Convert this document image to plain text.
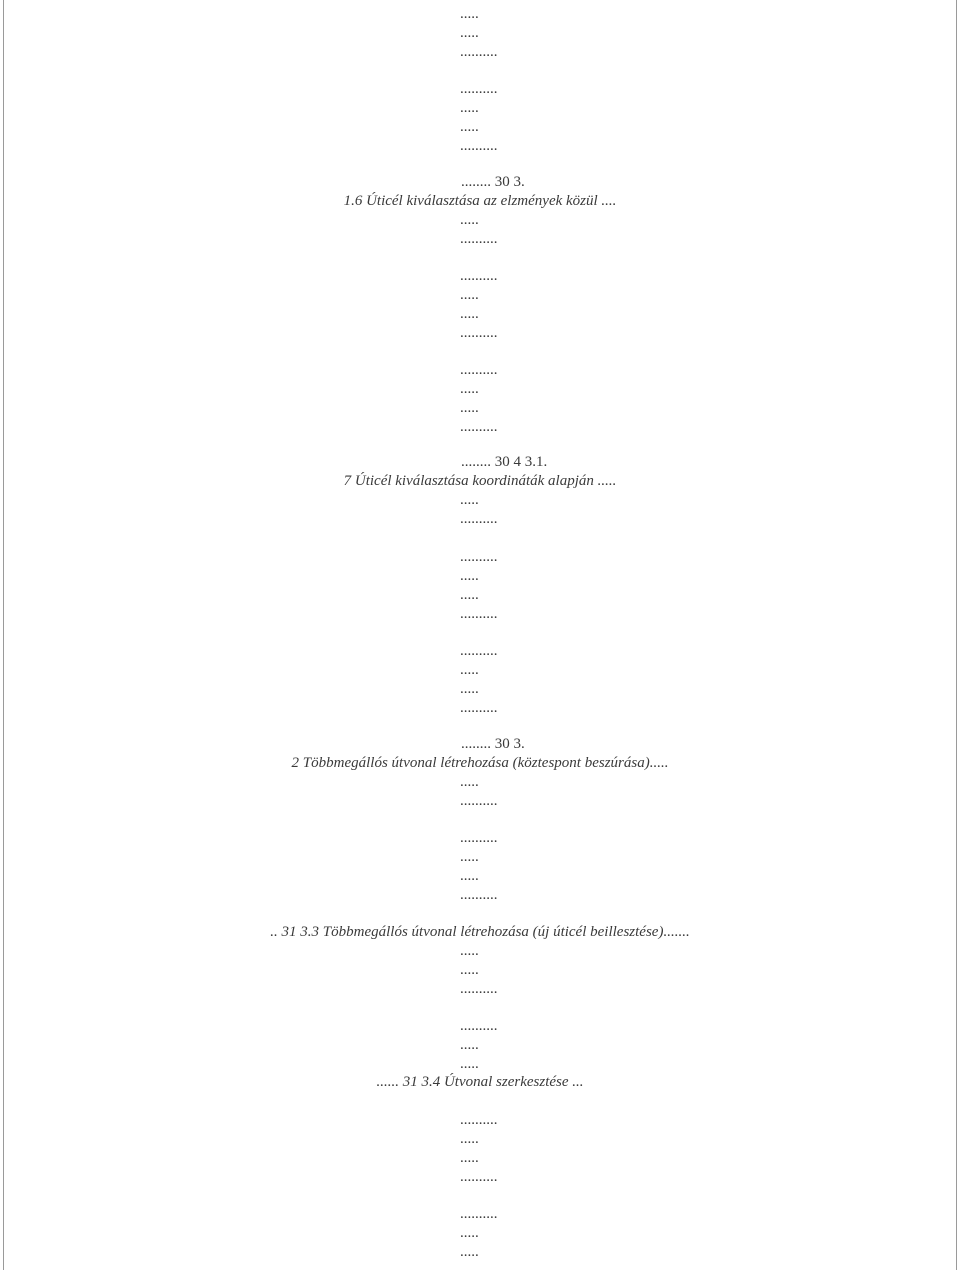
.....
.....
..........
..........
.....
.....
..........
........ 30 3.
1.6 Úticél kiválasztása az elzmények közül ....
.....
..........
..........
.....
.....
..........
..........
.....
.....
..........
........ 30 4 3.1.
7 Úticél kiválasztása koordináták alapján .....
.....
..........
..........
.....
.....
..........
..........
.....
.....
..........
........ 30 3.
2 Többmegállós útvonal létrehozása (köztespont beszúrása).....
.....
..........
..........
.....
.....
..........
.. 31 3.3 Többmegállós útvonal létrehozása (új úticél beillesztése).......
.....
.....
..........
..........
.....
.....
...... 31 3.4 Útvonal szerkesztése ...
..........
.....
.....
..........
..........
.....
.....
